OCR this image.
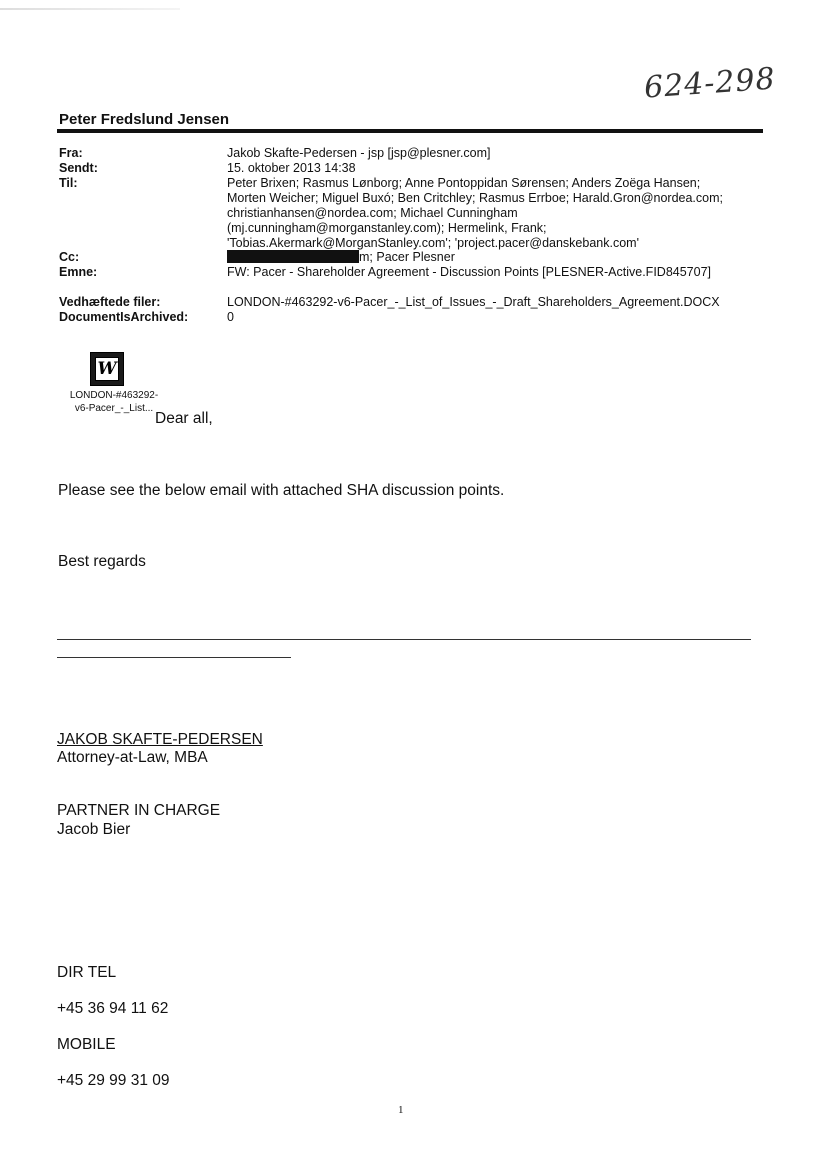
624-298
Peter Fredslund Jensen
Fra:	Jakob Skafte-Pedersen - jsp [jsp@plesner.com]
Sendt:	15. oktober 2013 14:38
Til:	Peter Brixen; Rasmus Lønborg; Anne Pontoppidan Sørensen; Anders Zoëga Hansen;
Morten Weicher; Miguel Buxó; Ben Critchley; Rasmus Errboe; Harald.Gron@nordea.com;
christianhansen@nordea.com; Michael Cunningham
(mj.cunningham@morganstanley.com); Hermelink, Frank;
'Tobias.Akermark@MorganStanley.com'; 'project.pacer@danskebank.com'
Cc:	m; Pacer Plesner
Emne:	FW: Pacer - Shareholder Agreement - Discussion Points [PLESNER-Active.FID845707]
Vedhæftede filer:	LONDON-#463292-v6-Pacer_-_List_of_Issues_-_Draft_Shareholders_Agreement.DOCX
DocumentIsArchived:	0
W
LONDON-#463292-
v6-Pacer_-_List...
Dear all,
Please see the below email with attached SHA discussion points.
Best regards
JAKOB SKAFTE-PEDERSEN
Attorney-at-Law, MBA
PARTNER IN CHARGE
Jacob Bier
DIR TEL
+45 36 94 11 62
MOBILE
+45 29 99 31 09
1
